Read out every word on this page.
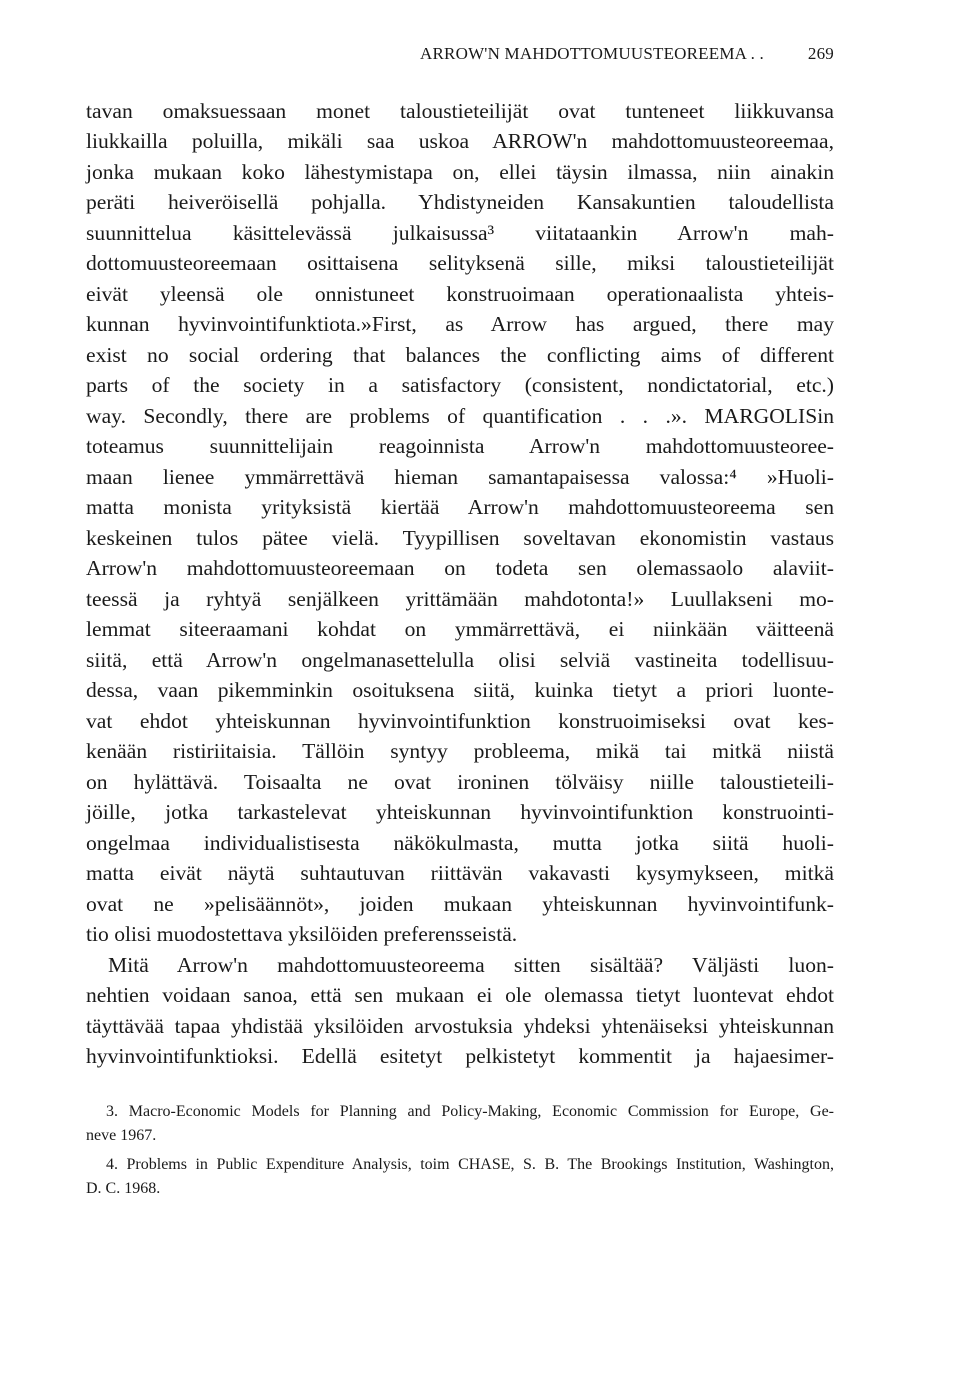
ARROW'N MAHDOTTOMUUSTEOREEMA . .	269
tavan omaksuessaan monet taloustieteilijät ovat tunteneet liikkuvansa
liukkailla poluilla, mikäli saa uskoa ARROW'n mahdottomuusteoreemaa,
jonka mukaan koko lähestymistapa on, ellei täysin ilmassa, niin ainakin
peräti heiveröisellä pohjalla. Yhdistyneiden Kansakuntien taloudellista
suunnittelua käsittelevässä julkaisussa³ viitataankin Arrow'n mah-
dottomuusteoreemaan osittaisena selityksenä sille, miksi taloustieteilijät
eivät yleensä ole onnistuneet konstruoimaan operationaalista yhteis-
kunnan hyvinvointifunktiota.»First, as Arrow has argued, there may
exist no social ordering that balances the conflicting aims of different
parts of the society in a satisfactory (consistent, nondictatorial, etc.)
way. Secondly, there are problems of quantification . . .». MARGOLISin
toteamus suunnittelijain reagoinnista Arrow'n mahdottomuusteoree-
maan lienee ymmärrettävä hieman samantapaisessa valossa:⁴ »Huoli-
matta monista yrityksistä kiertää Arrow'n mahdottomuusteoreema sen
keskeinen tulos pätee vielä. Tyypillisen soveltavan ekonomistin vastaus
Arrow'n mahdottomuusteoreemaan on todeta sen olemassaolo alaviit-
teessä ja ryhtyä senjälkeen yrittämään mahdotonta!» Luullakseni mo-
lemmat siteeraamani kohdat on ymmärrettävä, ei niinkään väitteenä
siitä, että Arrow'n ongelmanasettelulla olisi selviä vastineita todellisuu-
dessa, vaan pikemminkin osoituksena siitä, kuinka tietyt a priori luonte-
vat ehdot yhteiskunnan hyvinvointifunktion konstruoimiseksi ovat kes-
kenään ristiriitaisia. Tällöin syntyy probleema, mikä tai mitkä niistä
on hylättävä. Toisaalta ne ovat ironinen tölväisy niille taloustieteili-
jöille, jotka tarkastelevat yhteiskunnan hyvinvointifunktion konstruointi-
ongelmaa individualistisesta näkökulmasta, mutta jotka siitä huoli-
matta eivät näytä suhtautuvan riittävän vakavasti kysymykseen, mitkä
ovat ne »pelisäännöt», joiden mukaan yhteiskunnan hyvinvointifunk-
tio olisi muodostettava yksilöiden preferensseistä.
Mitä Arrow'n mahdottomuusteoreema sitten sisältää? Väljästi luon-
nehtien voidaan sanoa, että sen mukaan ei ole olemassa tietyt luontevat ehdot
täyttävää tapaa yhdistää yksilöiden arvostuksia yhdeksi yhtenäiseksi yhteiskunnan
hyvinvointifunktioksi. Edellä esitetyt pelkistetyt kommentit ja hajaesimer-
3. Macro-Economic Models for Planning and Policy-Making, Economic Commission for Europe, Ge-
neve 1967.
4. Problems in Public Expenditure Analysis, toim CHASE, S. B. The Brookings Institution, Washington,
D. C. 1968.
